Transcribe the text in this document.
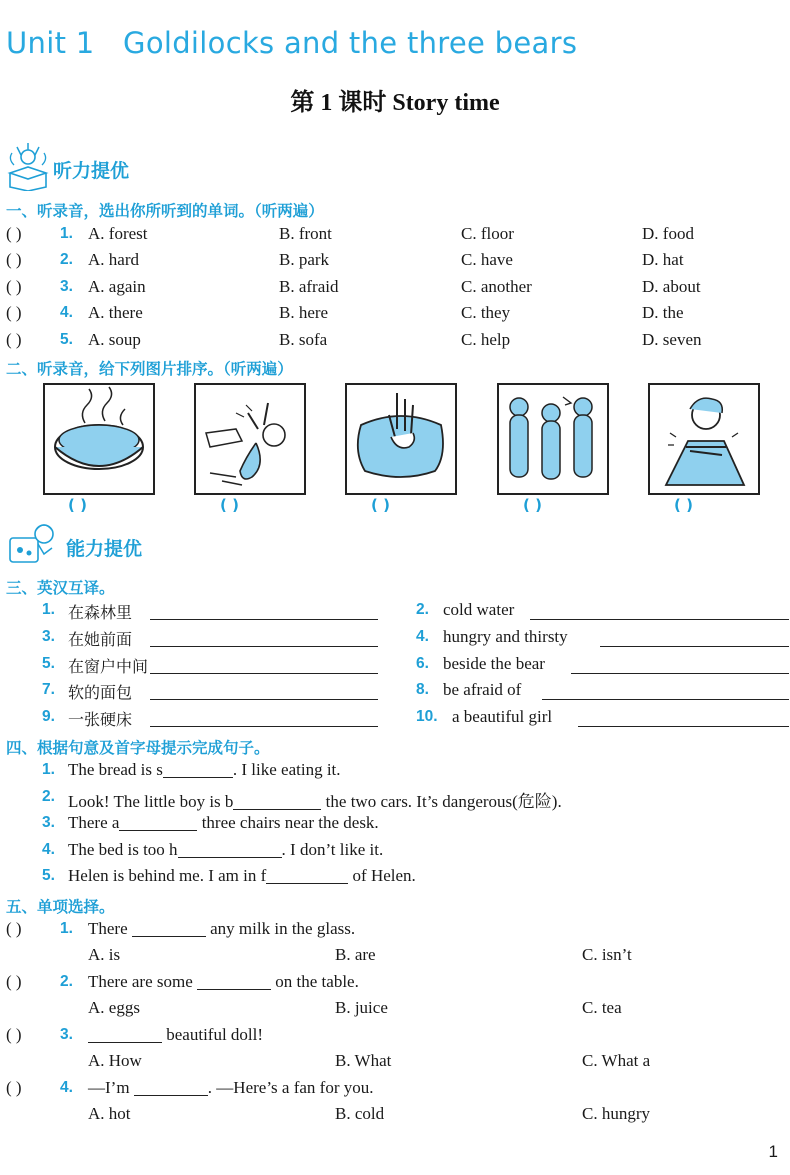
Unit 1   Goldilocks and the three bears
第 1 课时 Story time
听力提优
一、听录音，选出你所听到的单词。（听两遍）
( ) 1. A. forest	B. front	C. floor	D. food
( ) 2. A. hard	B. park	C. have	D. hat
( ) 3. A. again	B. afraid	C. another	D. about
( ) 4. A. there	B. here	C. they	D. the
( ) 5. A. soup	B. sofa	C. help	D. seven
二、听录音，给下列图片排序。（听两遍）
( )	( )	( )	( )	( )
能力提优
三、英汉互译。
1. 在森林里	2. cold water
3. 在她前面	4. hungry and thirsty
5. 在窗户中间	6. beside the bear
7. 软的面包	8. be afraid of
9. 一张硬床	10. a beautiful girl
四、根据句意及首字母提示完成句子。
1. The bread is s	. I like eating it.
2. Look! The little boy is b	the two cars. It’s dangerous(危险).
3. There a	three chairs near the desk.
4. The bed is too h	. I don’t like it.
5. Helen is behind me. I am in f	of Helen.
五、单项选择。
( ) 1. There	any milk in the glass.
A. is	B. are	C. isn’t
( ) 2. There are some	on the table.
A. eggs	B. juice	C. tea
( ) 3.	beautiful doll!
A. How	B. What	C. What a
( ) 4. —I’m	. —Here’s a fan for you.
A. hot	B. cold	C. hungry
1
